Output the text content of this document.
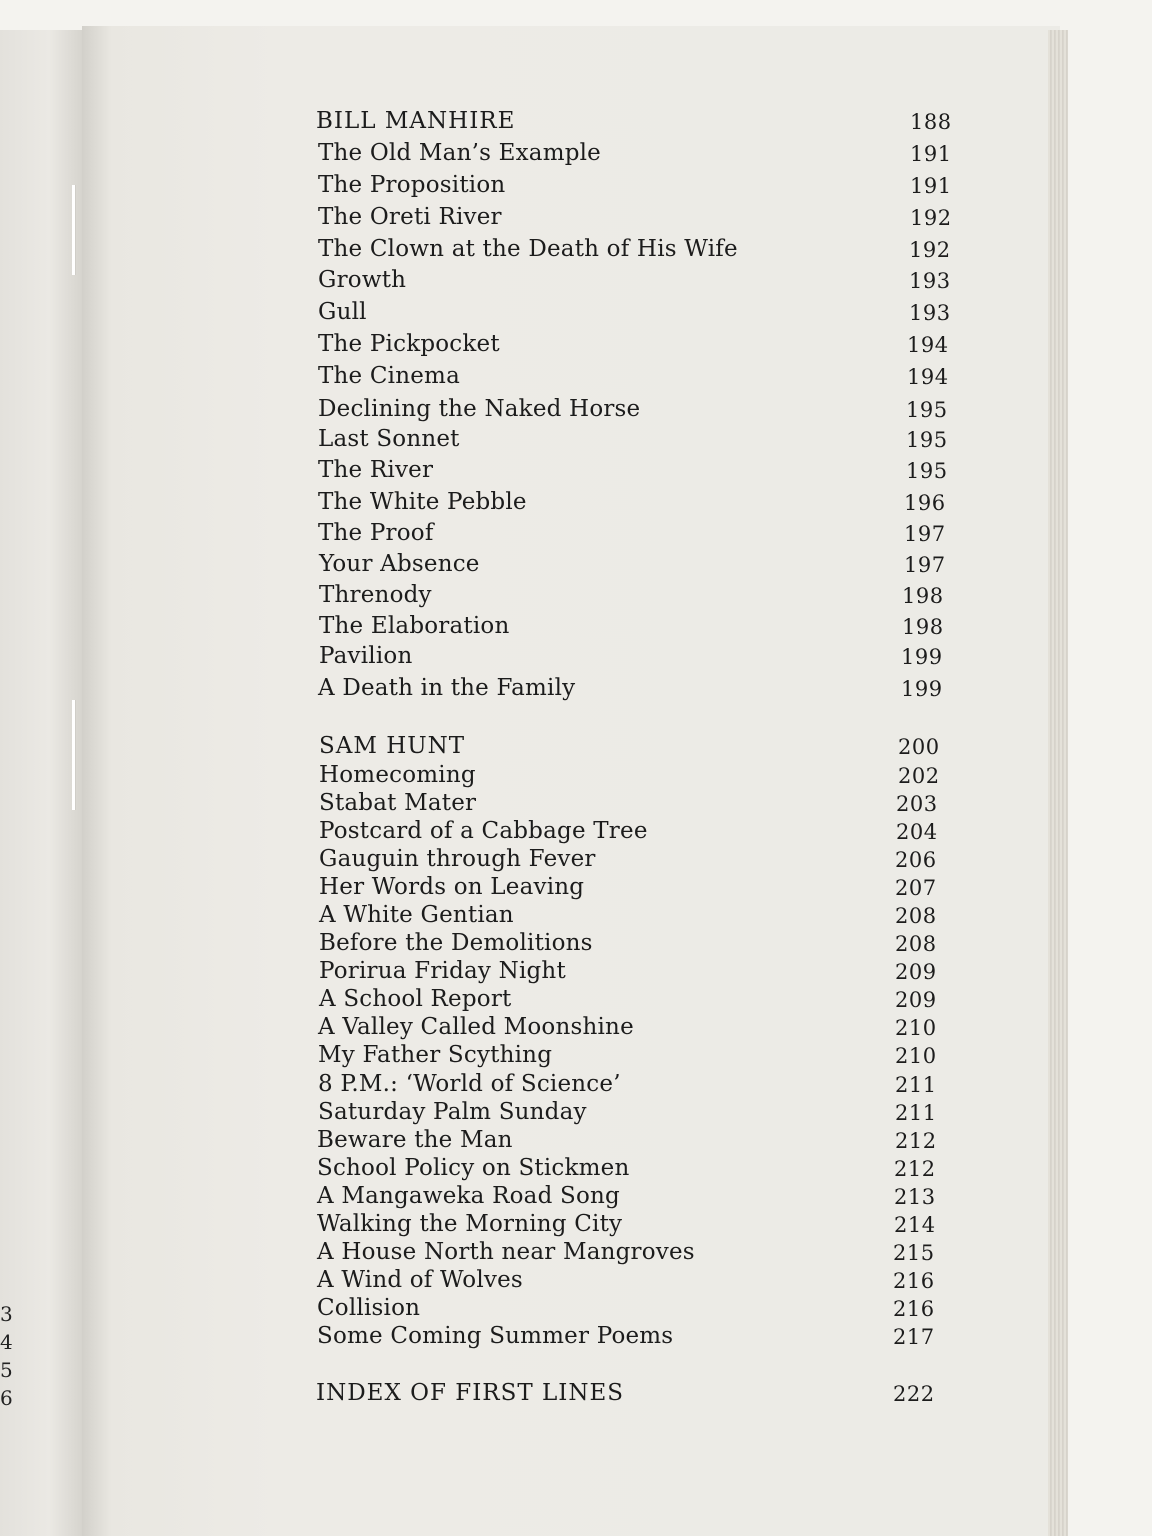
3
4
5
6
BILL MANHIRE	188
The Old Man’s Example	191
The Proposition	191
The Oreti River	192
The Clown at the Death of His Wife	192
Growth	193
Gull	193
The Pickpocket	194
The Cinema	194
Declining the Naked Horse	195
Last Sonnet	195
The River	195
The White Pebble	196
The Proof	197
Your Absence	197
Threnody	198
The Elaboration	198
Pavilion	199
A Death in the Family	199
SAM HUNT	200
Homecoming	202
Stabat Mater	203
Postcard of a Cabbage Tree	204
Gauguin through Fever	206
Her Words on Leaving	207
A White Gentian	208
Before the Demolitions	208
Porirua Friday Night	209
A School Report	209
A Valley Called Moonshine	210
My Father Scything	210
8 P.M.: ‘World of Science’	211
Saturday Palm Sunday	211
Beware the Man	212
School Policy on Stickmen	212
A Mangaweka Road Song	213
Walking the Morning City	214
A House North near Mangroves	215
A Wind of Wolves	216
Collision	216
Some Coming Summer Poems	217
INDEX OF FIRST LINES	222
